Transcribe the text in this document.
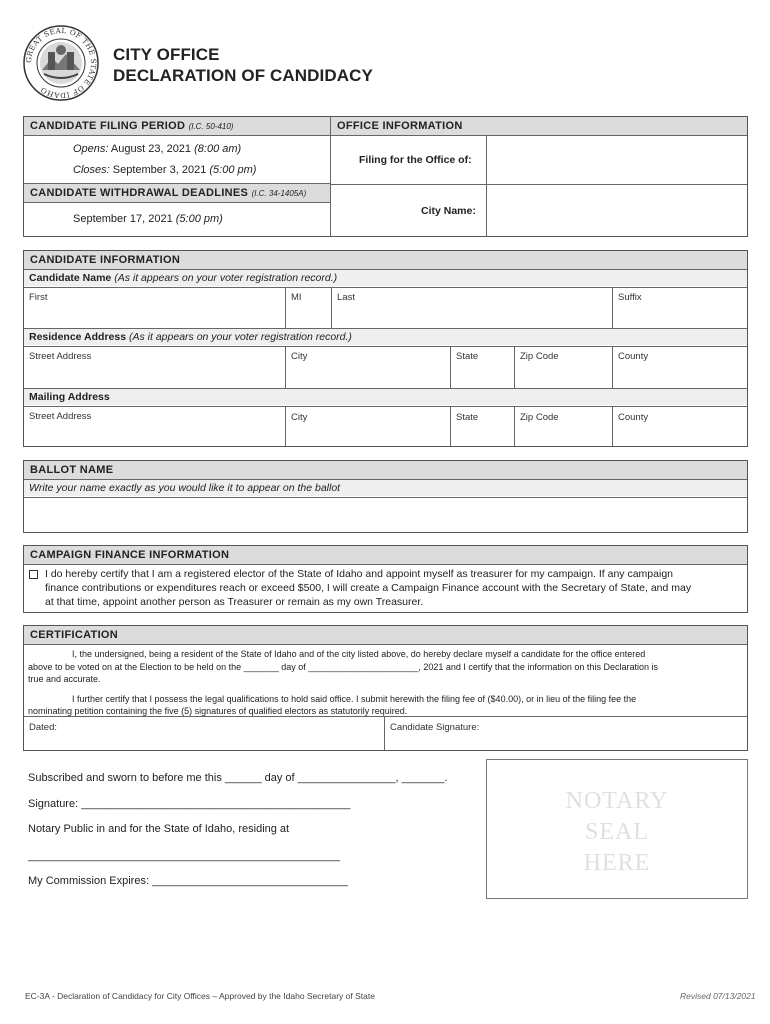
GREAT SEAL OF THE STATE OF IDAHO
CITY OFFICE
DECLARATION OF CANDIDACY
CANDIDATE FILING PERIOD (I.C. 50-410)	OFFICE INFORMATION
Opens: August 23, 2021 (8:00 am)
Closes: September 3, 2021 (5:00 pm)
CANDIDATE WITHDRAWAL DEADLINES (I.C. 34-1405A)
September 17, 2021 (5:00 pm)
Filing for the Office of:
City Name:
CANDIDATE INFORMATION
Candidate Name (As it appears on your voter registration record.)
First	MI	Last	Suffix
Residence Address (As it appears on your voter registration record.)
Street Address	City	State	Zip Code	County
Mailing Address
Street Address	City	State	Zip Code	County
BALLOT NAME
Write your name exactly as you would like it to appear on the ballot
CAMPAIGN FINANCE INFORMATION
I do hereby certify that I am a registered elector of the State of Idaho and appoint myself as treasurer for my campaign. If any campaign
finance contributions or expenditures reach or exceed $500, I will create a Campaign Finance account with the Secretary of State, and may
at that time, appoint another person as Treasurer or remain as my own Treasurer.
CERTIFICATION
I, the undersigned, being a resident of the State of Idaho and of the city listed above, do hereby declare myself a candidate for the office entered
above to be voted on at the Election to be held on the _______ day of ______________________, 2021 and I certify that the information on this Declaration is
true and accurate.
I further certify that I possess the legal qualifications to hold said office. I submit herewith the filing fee of ($40.00), or in lieu of the filing fee the
nominating petition containing the five (5) signatures of qualified electors as statutorily required.
Dated:	Candidate Signature:
Subscribed and sworn to before me this ______ day of ________________, _______.
Signature: ____________________________________________
Notary Public in and for the State of Idaho, residing at
___________________________________________________
My Commission Expires: ________________________________
NOTARY
SEAL
HERE
EC-3A - Declaration of Candidacy for City Offices – Approved by the Idaho Secretary of State	Revised 07/13/2021
